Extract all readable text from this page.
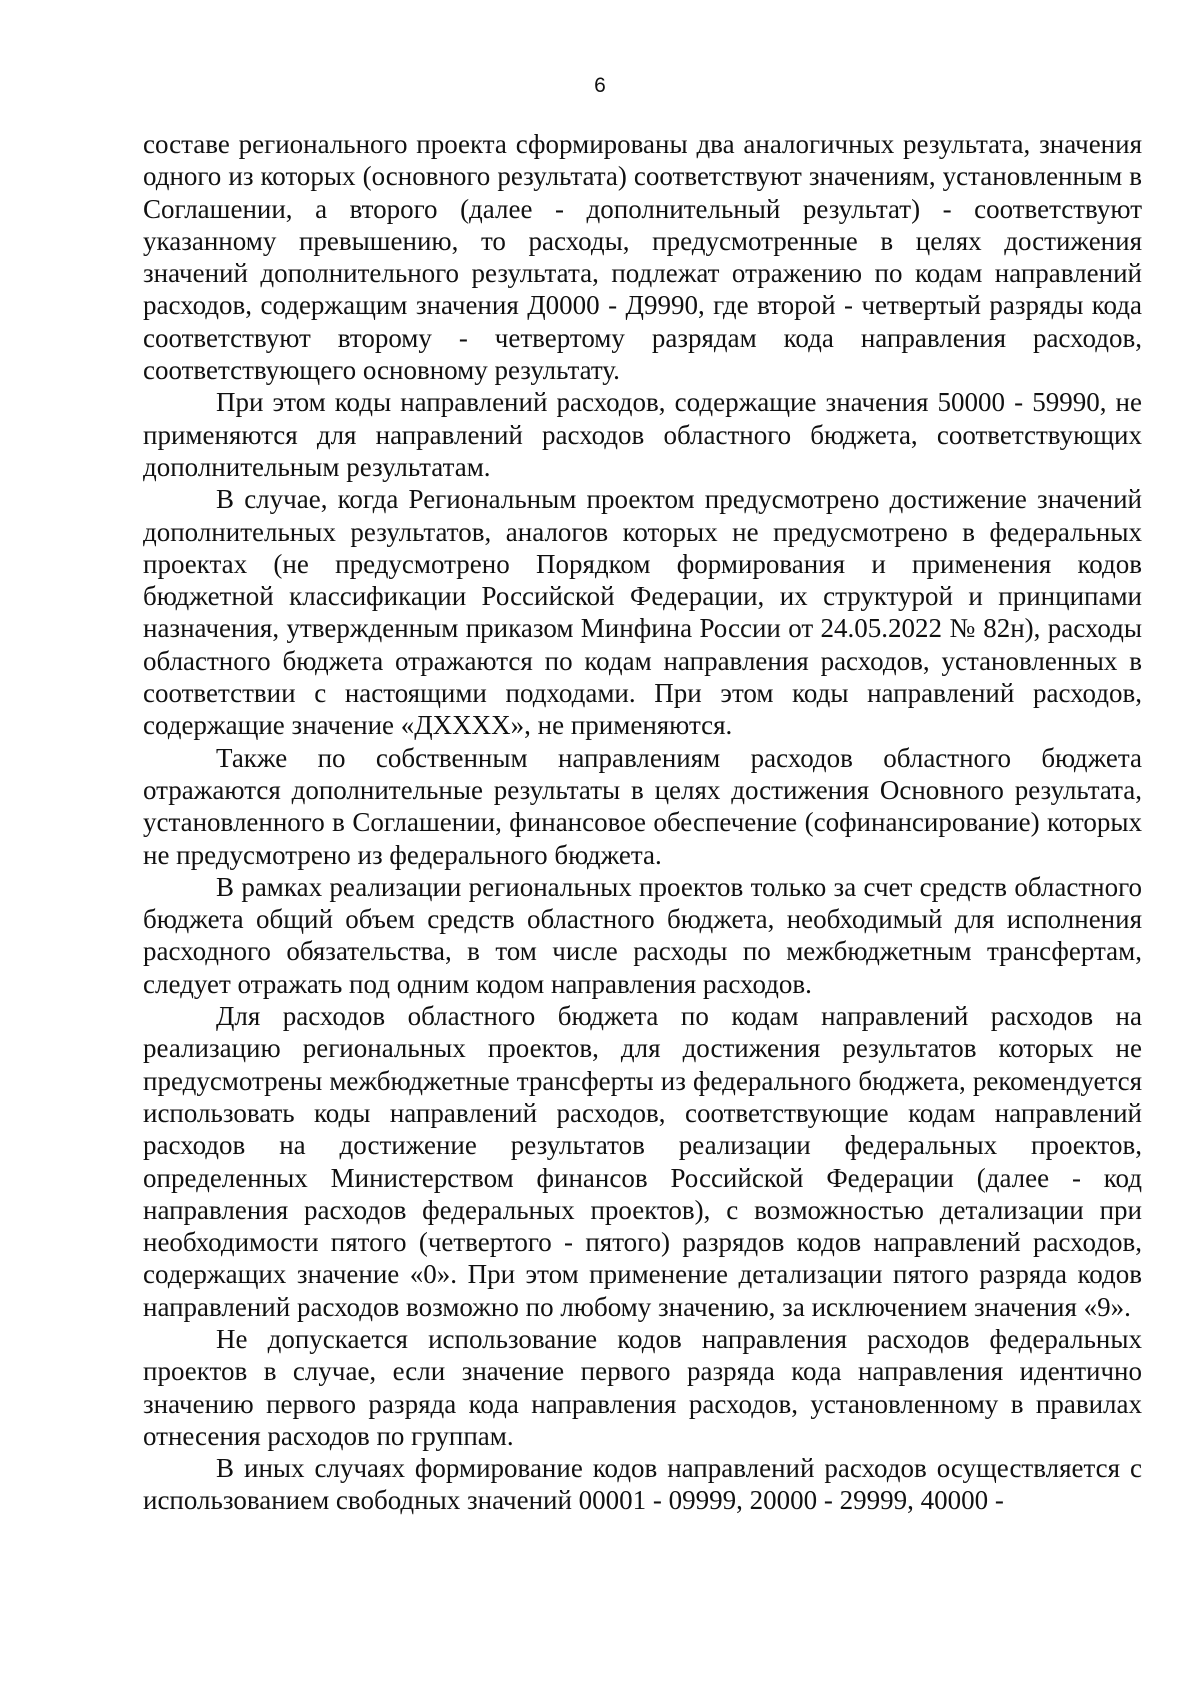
6

составе регионального проекта сформированы два аналогичных результата, значения одного из которых (основного результата) соответствуют значениям, установленным в Соглашении, а второго (далее - дополнительный результат) - соответствуют указанному превышению, то расходы, предусмотренные в целях достижения значений дополнительного результата, подлежат отражению по кодам направлений расходов, содержащим значения Д0000 - Д9990, где второй - четвертый разряды кода соответствуют второму - четвертому разрядам кода направления расходов, соответствующего основному результату.

При этом коды направлений расходов, содержащие значения 50000 - 59990, не применяются для направлений расходов областного бюджета, соответствующих дополнительным результатам.

В случае, когда Региональным проектом предусмотрено достижение значений дополнительных результатов, аналогов которых не предусмотрено в федеральных проектах (не предусмотрено Порядком формирования и применения кодов бюджетной классификации Российской Федерации, их структурой и принципами назначения, утвержденным приказом Минфина России от 24.05.2022 № 82н), расходы областного бюджета отражаются по кодам направления расходов, установленных в соответствии с настоящими подходами. При этом коды направлений расходов, содержащие значение «ДХХХХ», не применяются.

Также по собственным направлениям расходов областного бюджета отражаются дополнительные результаты в целях достижения Основного результата, установленного в Соглашении, финансовое обеспечение (софинансирование) которых не предусмотрено из федерального бюджета.

В рамках реализации региональных проектов только за счет средств областного бюджета общий объем средств областного бюджета, необходимый для исполнения расходного обязательства, в том числе расходы по межбюджетным трансфертам, следует отражать под одним кодом направления расходов.

Для расходов областного бюджета по кодам направлений расходов на реализацию региональных проектов, для достижения результатов которых не предусмотрены межбюджетные трансферты из федерального бюджета, рекомендуется использовать коды направлений расходов, соответствующие кодам направлений расходов на достижение результатов реализации федеральных проектов, определенных Министерством финансов Российской Федерации (далее - код направления расходов федеральных проектов), с возможностью детализации при необходимости пятого (четвертого - пятого) разрядов кодов направлений расходов, содержащих значение «0». При этом применение детализации пятого разряда кодов направлений расходов возможно по любому значению, за исключением значения «9».

Не допускается использование кодов направления расходов федеральных проектов в случае, если значение первого разряда кода направления идентично значению первого разряда кода направления расходов, установленному в правилах отнесения расходов по группам.

В иных случаях формирование кодов направлений расходов осуществляется с использованием свободных значений 00001 - 09999, 20000 - 29999, 40000 -
